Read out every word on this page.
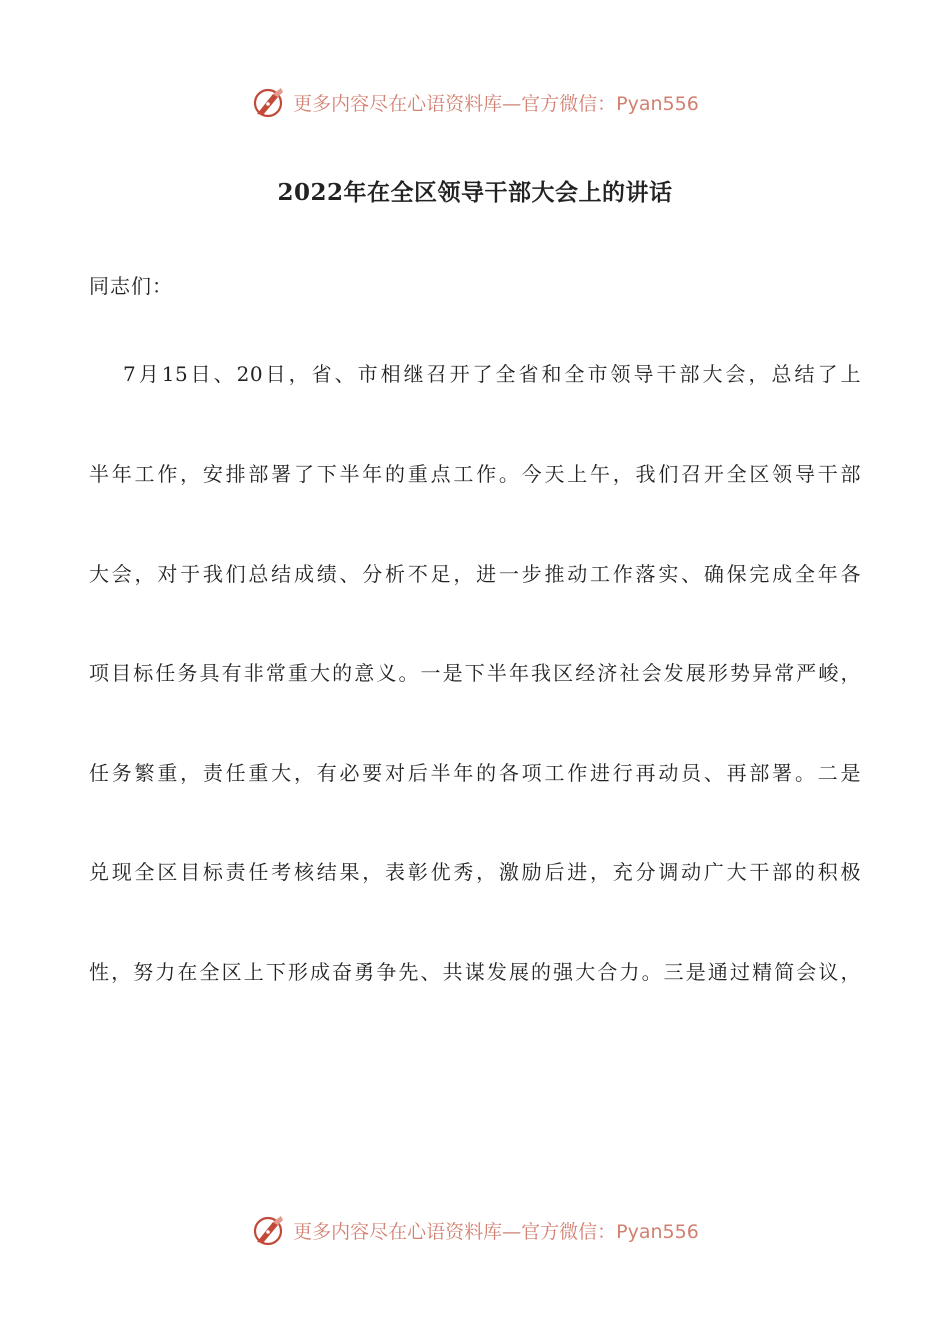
更多内容尽在心语资料库—官方微信： Pyan556
2022年在全区领导干部大会上的讲话

同志们：

7月15日、20日，省、市相继召开了全省和全市领导干部大会，总结了上

半年工作，安排部署了下半年的重点工作。今天上午，我们召开全区领导干部

大会，对于我们总结成绩、分析不足，进一步推动工作落实、确保完成全年各

项目标任务具有非常重大的意义。一是下半年我区经济社会发展形势异常严峻，

任务繁重，责任重大，有必要对后半年的各项工作进行再动员、再部署。二是

兑现全区目标责任考核结果，表彰优秀，激励后进，充分调动广大干部的积极

性，努力在全区上下形成奋勇争先、共谋发展的强大合力。三是通过精简会议，

更多内容尽在心语资料库—官方微信： Pyan556
